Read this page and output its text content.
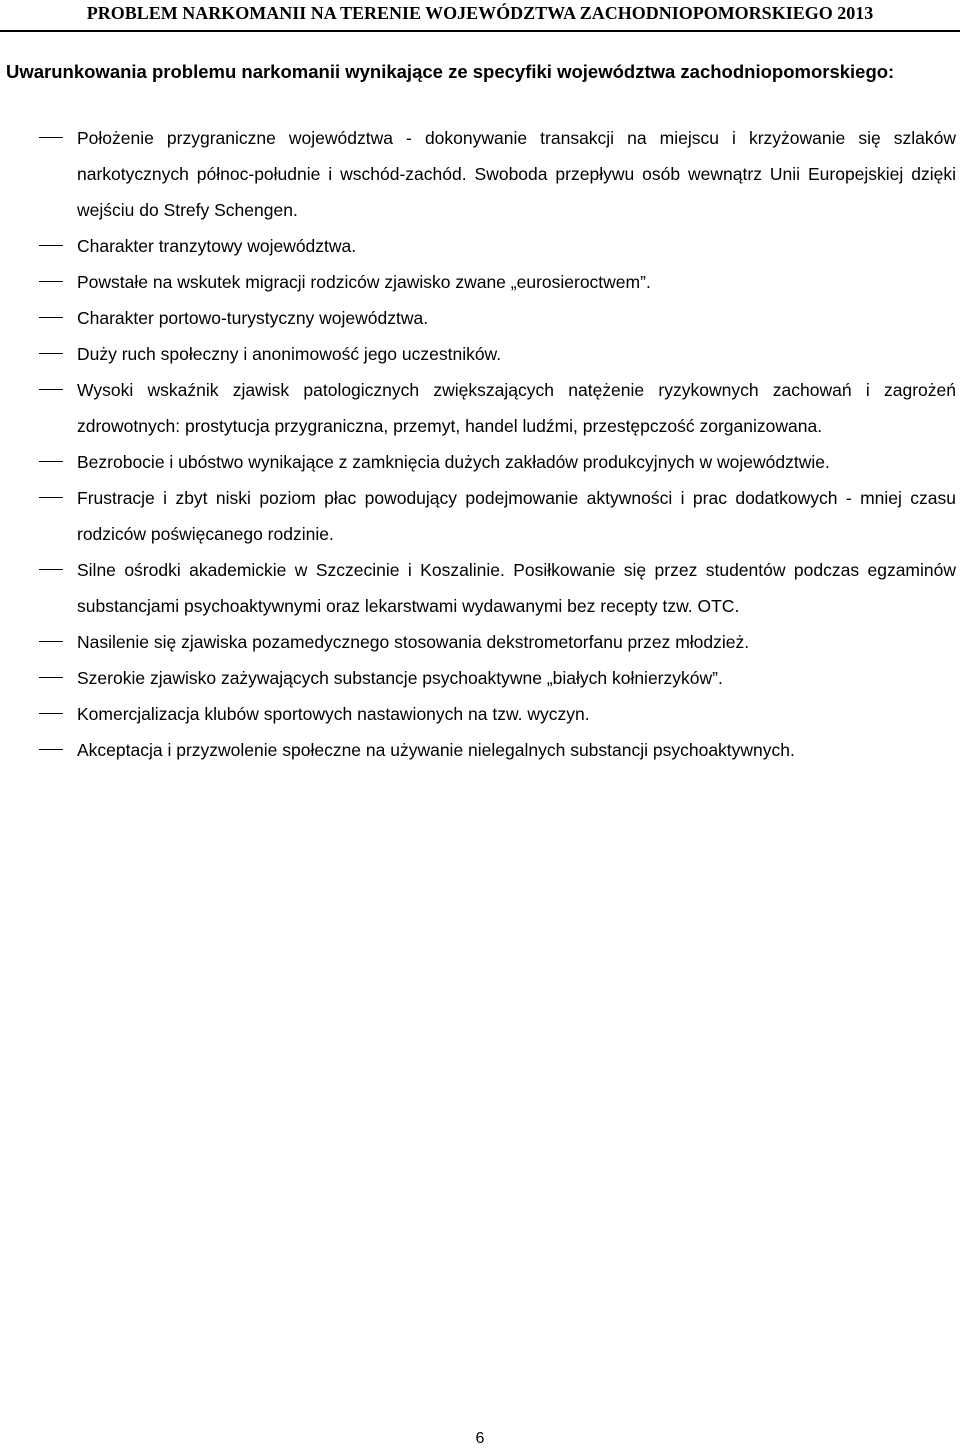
PROBLEM NARKOMANII NA TERENIE WOJEWÓDZTWA ZACHODNIOPOMORSKIEGO 2013
Uwarunkowania problemu narkomanii wynikające ze specyfiki województwa zachodniopomorskiego:
Położenie przygraniczne województwa - dokonywanie transakcji na miejscu i krzyżowanie się szlaków narkotycznych północ-południe i wschód-zachód. Swoboda przepływu osób wewnątrz Unii Europejskiej dzięki wejściu do Strefy Schengen.
Charakter tranzytowy województwa.
Powstałe na wskutek migracji rodziców zjawisko zwane „eurosieroctwem”.
Charakter portowo-turystyczny województwa.
Duży ruch społeczny i anonimowość jego uczestników.
Wysoki wskaźnik zjawisk patologicznych zwiększających natężenie ryzykownych zachowań i zagrożeń zdrowotnych: prostytucja przygraniczna, przemyt, handel ludźmi, przestępczość zorganizowana.
Bezrobocie i ubóstwo wynikające z zamknięcia dużych zakładów produkcyjnych w województwie.
Frustracje i zbyt niski poziom płac powodujący podejmowanie aktywności i prac dodatkowych - mniej czasu rodziców poświęcanego rodzinie.
Silne ośrodki akademickie w Szczecinie i Koszalinie. Posiłkowanie się przez studentów podczas egzaminów substancjami psychoaktywnymi oraz lekarstwami wydawanymi bez recepty tzw. OTC.
Nasilenie się zjawiska pozamedycznego stosowania dekstrometorfanu przez młodzież.
Szerokie zjawisko zażywających substancje psychoaktywne „białych kołnierzyków”.
Komercjalizacja klubów sportowych nastawionych na tzw. wyczyn.
Akceptacja i przyzwolenie społeczne na używanie nielegalnych substancji psychoaktywnych.
6
